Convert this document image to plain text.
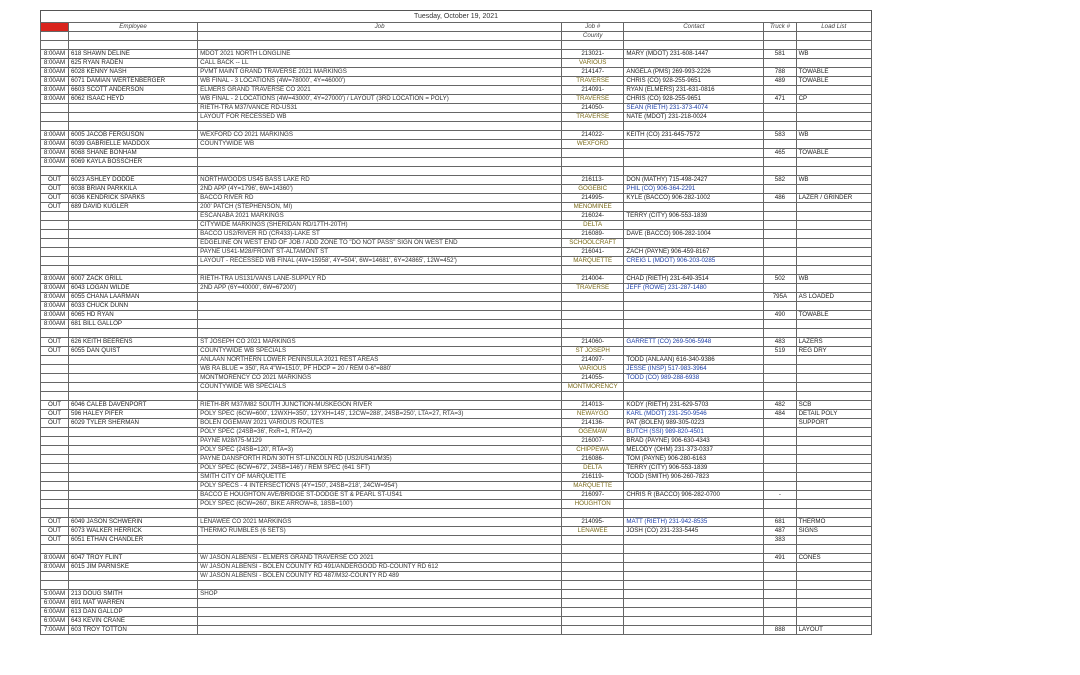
Tuesday, October 19, 2021
Time	Employee	Job	Job #	Contact	Truck #	Load List
			County			

8:00AM	618 SHAWN DELINE	MDOT 2021 NORTH LONGLINE	213021-	MARY (MDOT) 231-608-1447	581	WB
8:00AM	625 RYAN RADEN	CALL BACK -- LL	VARIOUS			
8:00AM	6028 KENNY NASH	PVMT MAINT GRAND TRAVERSE 2021 MARKINGS	214147-	ANGELA (PMS) 269-993-2226	788	TOWABLE
8:00AM	6071 DAMIAN WERTENBERGER	WB FINAL - 3 LOCATIONS (4W=78000', 4Y=46000')	TRAVERSE	CHRIS (CO) 928-255-9651	489	TOWABLE
8:00AM	6603 SCOTT ANDERSON	ELMERS GRAND TRAVERSE CO 2021	214091-	RYAN (ELMERS) 231-631-0816		
8:00AM	6062 ISAAC HEYD	WB FINAL - 2 LOCATIONS (4W=43000', 4Y=27000') / LAYOUT (3RD LOCATION = POLY)	TRAVERSE	CHRIS (CO) 928-255-9651	471	CP
		RIETH-TRA M37/VANCE RD-US31	214050-	SEAN (RIETH) 231-373-4074		
		LAYOUT FOR RECESSED WB	TRAVERSE	NATE (MDOT) 231-218-0024		

8:00AM	6005 JACOB FERGUSON	WEXFORD CO 2021 MARKINGS	214022-	KEITH (CO) 231-645-7572	583	WB
8:00AM	6039 GABRIELLE MADDOX	COUNTYWIDE WB	WEXFORD			
8:00AM	6068 SHANE BONHAM				465	TOWABLE
8:00AM	6069 KAYLA BOSSCHER					

OUT	6023 ASHLEY DODDE	NORTHWOODS US45 BASS LAKE RD	216113-	DON (MATHY) 715-498-2427	582	WB
OUT	6038 BRIAN PARKKILA	2ND APP (4Y=1796', 6W=14360')	GOGEBIC	PHIL (CO) 906-364-2291		
OUT	6036 KENDRICK SPARKS	BACCO RIVER RD	214995-	KYLE (BACCO) 906-282-1002	486	LAZER / GRINDER
OUT	689 DAVID KUGLER	200' PATCH (STEPHENSON, MI)	MENOMINEE			
		ESCANABA 2021 MARKINGS	216024-	TERRY (CITY) 906-553-1839		
		CITYWIDE MARKINGS (SHERIDAN RD/17TH-20TH)	DELTA			
		BACCO US2/RIVER RD (CR433)-LAKE ST	216089-	DAVE (BACCO) 906-282-1004		
		EDGELINE ON WEST END OF JOB / ADD ZONE TO "DO NOT PASS" SIGN ON WEST END	SCHOOLCRAFT			
		PAYNE US41-M28/FRONT ST-ALTAMONT ST	216041-	ZACH (PAYNE) 906-459-8167		
		LAYOUT - RECESSED WB FINAL (4W=15958', 4Y=504', 6W=14681', 6Y=24865', 12W=452')	MARQUETTE	CREIG L (MDOT) 906-203-0285		

8:00AM	6007 ZACK GRILL	RIETH-TRA US131/VANS LANE-SUPPLY RD	214004-	CHAD (RIETH) 231-649-3514	502	WB
8:00AM	6043 LOGAN WILDE	2ND APP (6Y=40000', 6W=67200')	TRAVERSE	JEFF (ROWE) 231-287-1480		
8:00AM	6055 CHANA LAARMAN				795A	AS LOADED
8:00AM	6033 CHUCK DUNN					
8:00AM	6065 HD RYAN				490	TOWABLE
8:00AM	681 BILL GALLOP					

OUT	626 KEITH BEERENS	ST JOSEPH CO 2021 MARKINGS	214060-	GARRETT (CO) 269-506-5948	483	LAZERS
OUT	6055 DAN QUIST	COUNTYWIDE WB SPECIALS	ST JOSEPH		519	REG DRY
		ANLAAN NORTHERN LOWER PENINSULA 2021 REST AREAS	214097-	TODD (ANLAAN) 616-340-9386		
		WB RA BLUE = 350', RA 4"W=1510', PF HDCP = 20 / REM 0-6"=880'	VARIOUS	JESSE (INSP) 517-983-3964		
		MONTMORENCY CO 2021 MARKINGS	214055-	TODD (CO) 989-288-6938		
		COUNTYWIDE WB SPECIALS	MONTMORENCY			

OUT	6046 CALEB DAVENPORT	RIETH-BR M37/M82 SOUTH JUNCTION-MUSKEGON RIVER	214013-	KODY (RIETH) 231-629-5703	482	SCB
OUT	596 HALEY PIFER	POLY SPEC (6CW=600', 12WXH=350', 12YXH=145', 12CW=288', 24SB=250', LTA=27, RTA=3)	NEWAYGO	KARL (MDOT) 231-250-9546	484	DETAIL POLY
OUT	6029 TYLER SHERMAN	BOLEN OGEMAW 2021 VARIOUS ROUTES	214136-	PAT (BOLEN) 989-305-0223		SUPPORT
		POLY SPEC (24SB=36', RxR=1, RTA=2)	OGEMAW	BUTCH (SSI) 989-820-4501		
		PAYNE M28/I75-M129	216007-	BRAD (PAYNE) 906-630-4343		
		POLY SPEC (24SB=120', RTA=3)	CHIPPEWA	MELODY (OHM) 231-373-0337		
		PAYNE DANSFORTH RD/N 30TH ST-LINCOLN RD (US2/US41/M35)	216086-	TOM (PAYNE) 906-280-6163		
		POLY SPEC (6CW=672', 24SB=146') / REM SPEC (641 SFT)	DELTA	TERRY (CITY) 906-553-1839		
		SMITH CITY OF MARQUETTE	216119-	TODD (SMITH) 906-260-7823		
		POLY SPECS - 4 INTERSECTIONS (4Y=150', 24SB=218', 24CW=954')	MARQUETTE			
		BACCO E HOUGHTON AVE/BRIDGE ST-DODGE ST & PEARL ST-US41	216097-	CHRIS R (BACCO) 906-282-0700	-	
		POLY SPEC (6CW=260', BIKE ARROW=8, 18SB=100')	HOUGHTON			

OUT	6049 JASON SCHWERIN	LENAWEE CO 2021 MARKINGS	214095-	MATT (RIETH) 231-942-8535	681	THERMO
OUT	6073 WALKER HERRICK	THERMO RUMBLES (6 SETS)	LENAWEE	JOSH (CO) 231-233-5445	487	SIGNS
OUT	6051 ETHAN CHANDLER				383	

8:00AM	6047 TROY FLINT	W/ JASON ALBENSI - ELMERS GRAND TRAVERSE CO 2021			491	CONES
8:00AM	6015 JIM PARNISKE	W/ JASON ALBENSI - BOLEN COUNTY RD 491/ANDERGOOD RD-COUNTY RD 612				
		W/ JASON ALBENSI - BOLEN COUNTY RD 487/M32-COUNTY RD 489				

5:00AM	213 DOUG SMITH	SHOP				
6:00AM	691 MAT WARREN					
6:00AM	613 DAN GALLOP					
6:00AM	643 KEVIN CRANE					
7:00AM	603 TROY TOTTON				888	LAYOUT
